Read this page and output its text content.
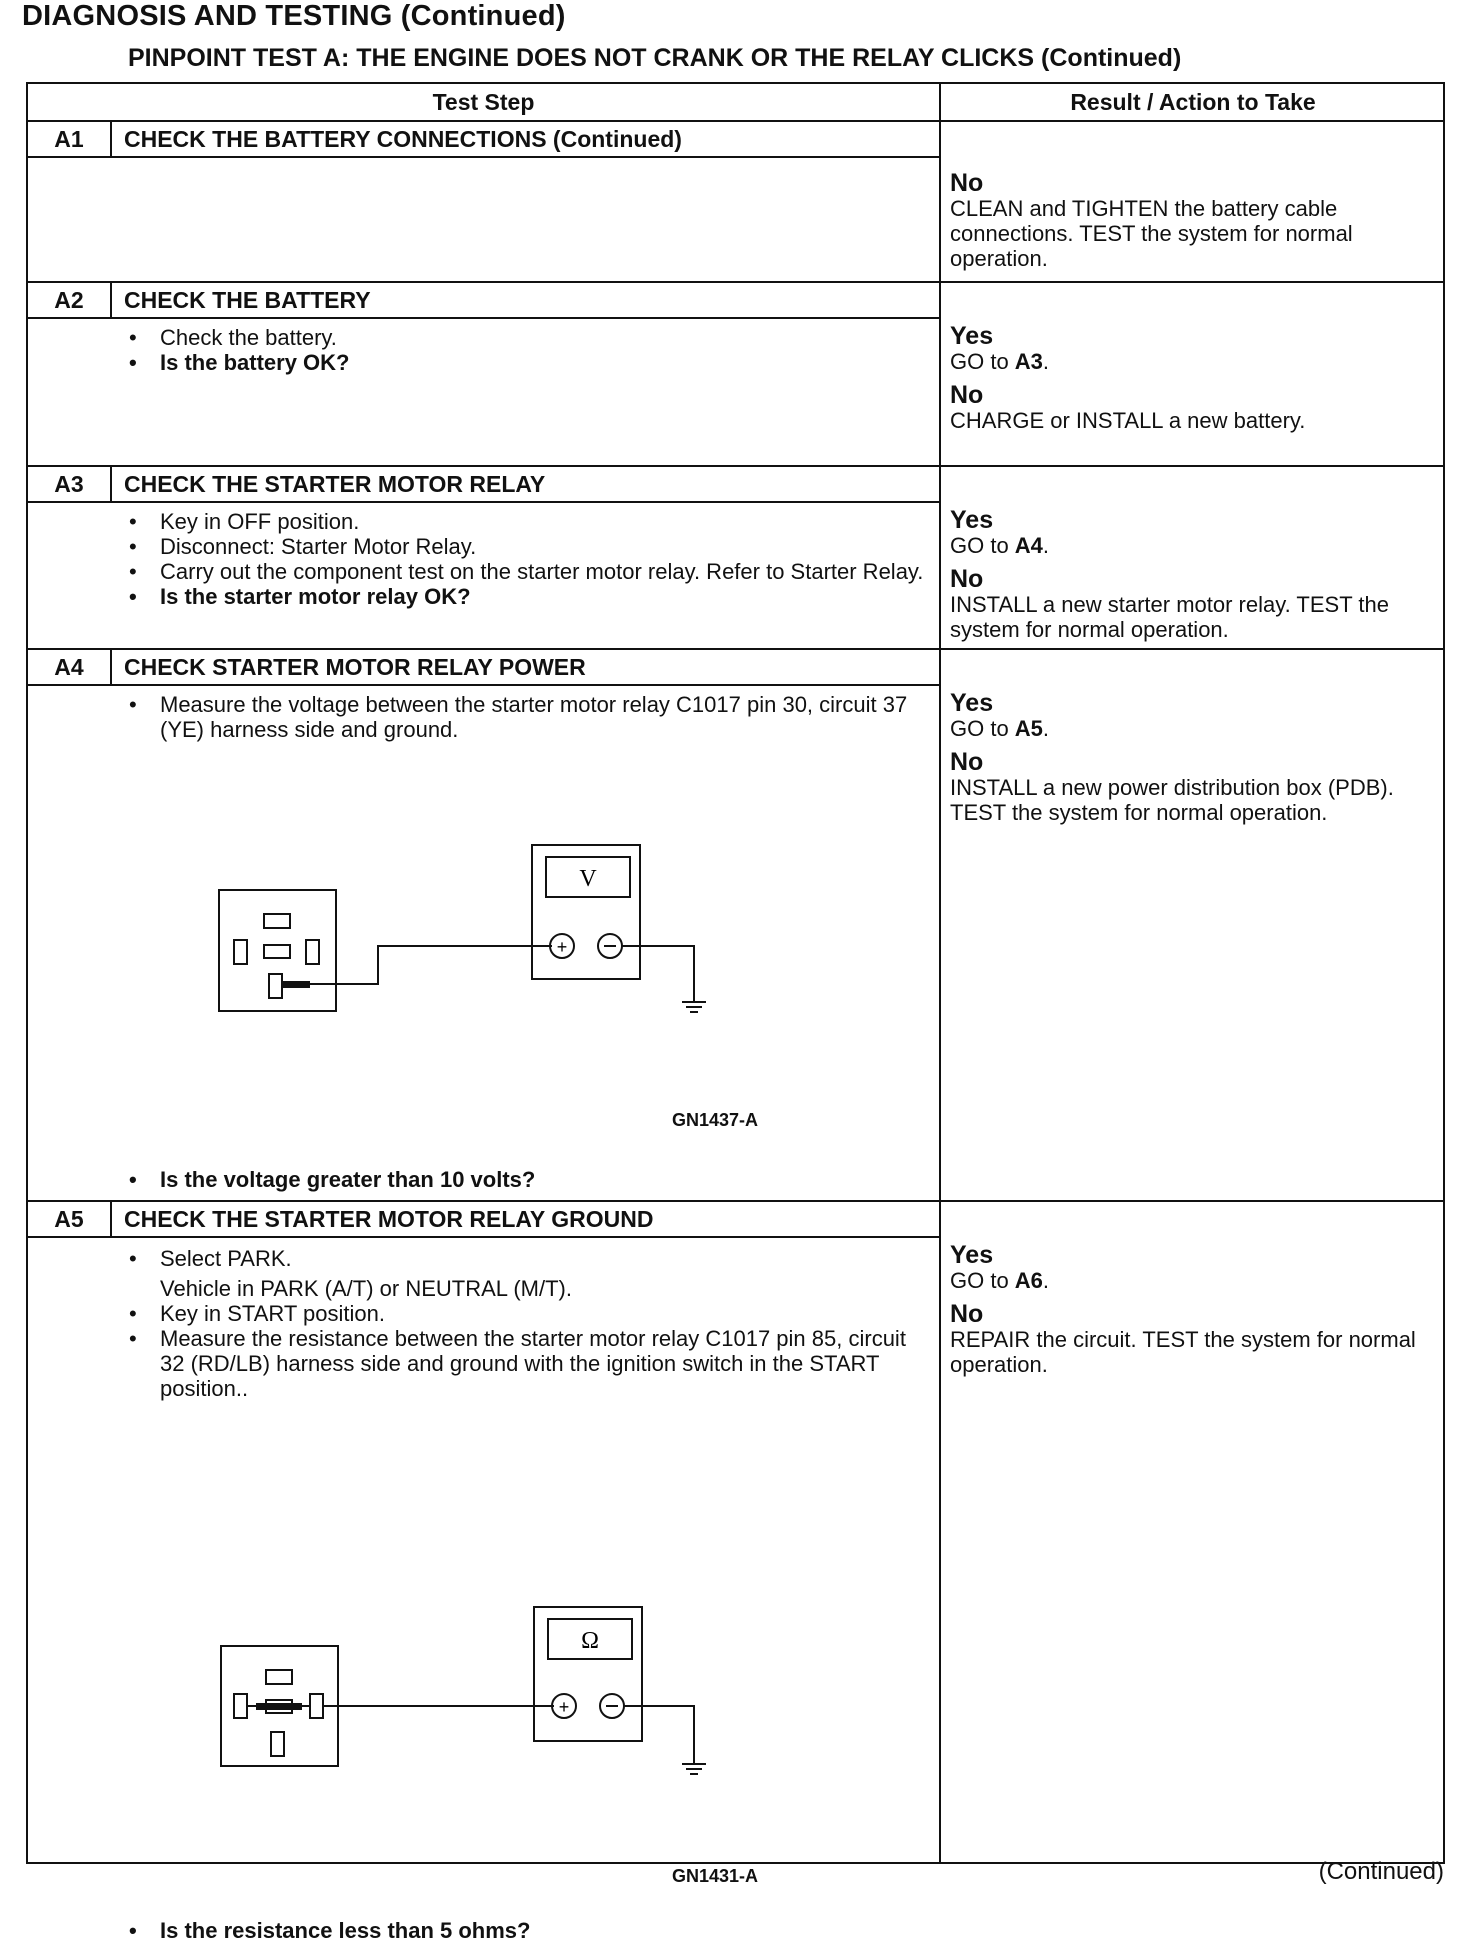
DIAGNOSIS AND TESTING (Continued)
PINPOINT TEST A: THE ENGINE DOES NOT CRANK OR THE RELAY CLICKS (Continued)
Test Step	Result / Action to Take
A1	CHECK THE BATTERY CONNECTIONS (Continued)
No
CLEAN and TIGHTEN the battery cable connections. TEST the system for normal operation.
A2	CHECK THE BATTERY
• Check the battery.
• Is the battery OK?
Yes
GO to A3.
No
CHARGE or INSTALL a new battery.
A3	CHECK THE STARTER MOTOR RELAY
• Key in OFF position.
• Disconnect: Starter Motor Relay.
• Carry out the component test on the starter motor relay. Refer to Starter Relay.
• Is the starter motor relay OK?
Yes
GO to A4.
No
INSTALL a new starter motor relay. TEST the system for normal operation.
A4	CHECK STARTER MOTOR RELAY POWER
• Measure the voltage between the starter motor relay C1017 pin 30, circuit 37 (YE) harness side and ground.
V
+
GN1437-A
• Is the voltage greater than 10 volts?
Yes
GO to A5.
No
INSTALL a new power distribution box (PDB). TEST the system for normal operation.
A5	CHECK THE STARTER MOTOR RELAY GROUND
• Select PARK.
Vehicle in PARK (A/T) or NEUTRAL (M/T).
• Key in START position.
• Measure the resistance between the starter motor relay C1017 pin 85, circuit 32 (RD/LB) harness side and ground with the ignition switch in the START position..
Ω
+
GN1431-A
• Is the resistance less than 5 ohms?
Yes
GO to A6.
No
REPAIR the circuit. TEST the system for normal operation.
(Continued)
